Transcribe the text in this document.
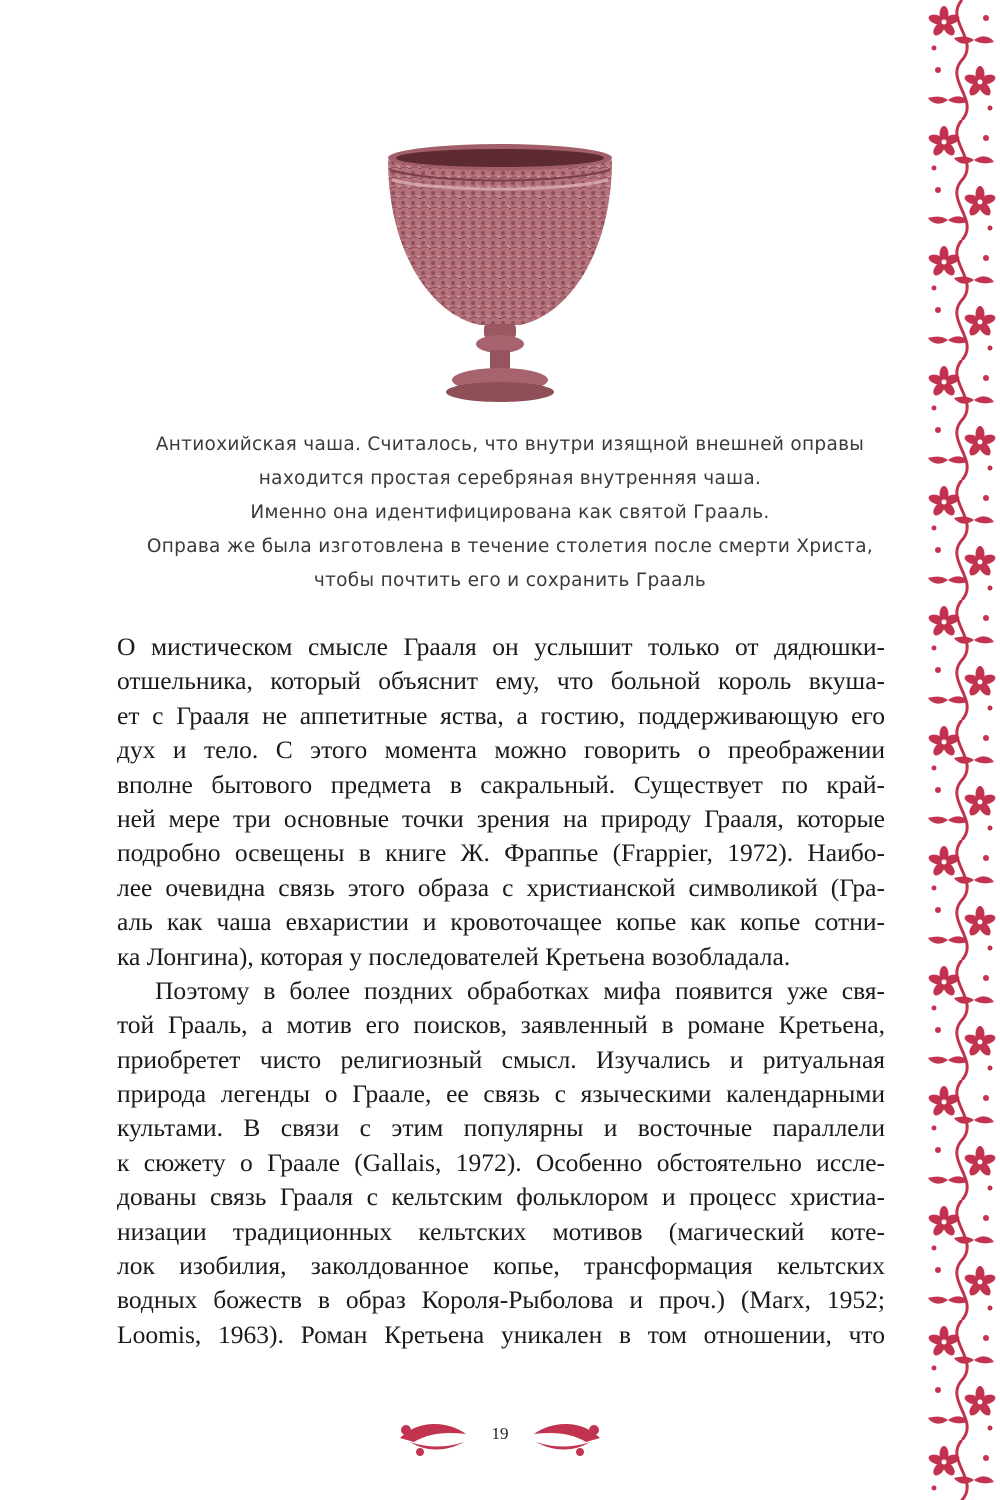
Антиохийская чаша. Считалось, что внутри изящной внешней оправы
находится простая серебряная внутренняя чаша.
Именно она идентифицирована как святой Грааль.
Оправа же была изготовлена в течение столетия после смерти Христа,
чтобы почтить его и сохранить Грааль
О мистическом смысле Грааля он услышит только от дядюшки-
отшельника, который объяснит ему, что больной король вкуша-
ет с Грааля не аппетитные яства, а гостию, поддерживающую его
дух и тело. С этого момента можно говорить о преображении
вполне бытового предмета в сакральный. Существует по край-
ней мере три основные точки зрения на природу Грааля, которые
подробно освещены в книге Ж. Фраппье (Frappier, 1972). Наибо-
лее очевидна связь этого образа с христианской символикой (Гра-
аль как чаша евхаристии и кровоточащее копье как копье сотни-
ка Лонгина), которая у последователей Кретьена возобладала.
Поэтому в более поздних обработках мифа появится уже свя-
той Грааль, а мотив его поисков, заявленный в романе Кретьена,
приобретет чисто религиозный смысл. Изучались и ритуальная
природа легенды о Граале, ее связь с языческими календарными
культами. В связи с этим популярны и восточные параллели
к сюжету о Граале (Gallais, 1972). Особенно обстоятельно иссле-
дованы связь Грааля с кельтским фольклором и процесс христиа-
низации традиционных кельтских мотивов (магический коте-
лок изобилия, заколдованное копье, трансформация кельтских
водных божеств в образ Короля-Рыболова и проч.) (Marx, 1952;
Loomis, 1963). Роман Кретьена уникален в том отношении, что
19
